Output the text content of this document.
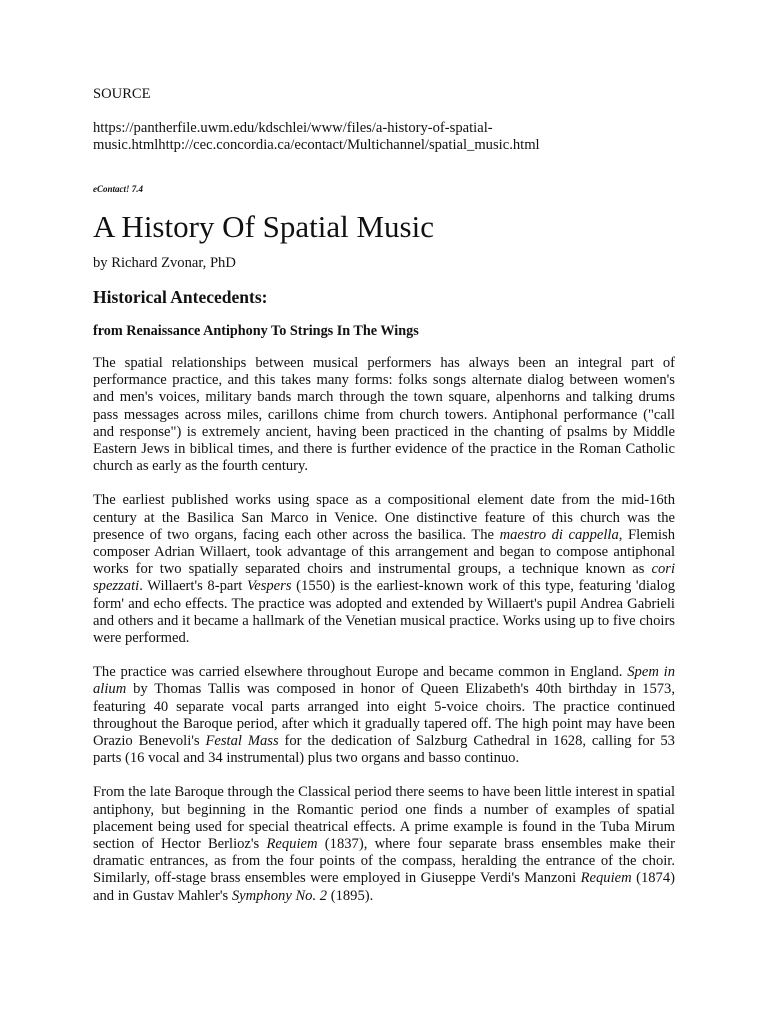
SOURCE

https://pantherfile.uwm.edu/kdschlei/www/files/a-history-of-spatial-music.htmlhttp://cec.concordia.ca/econtact/Multichannel/spatial_music.html

eContact! 7.4

A History Of Spatial Music

by Richard Zvonar, PhD

Historical Antecedents:
from Renaissance Antiphony To Strings In The Wings

The spatial relationships between musical performers has always been an integral part of performance practice, and this takes many forms: folks songs alternate dialog between women's and men's voices, military bands march through the town square, alpenhorns and talking drums pass messages across miles, carillons chime from church towers. Antiphonal performance ("call and response") is extremely ancient, having been practiced in the chanting of psalms by Middle Eastern Jews in biblical times, and there is further evidence of the practice in the Roman Catholic church as early as the fourth century.

The earliest published works using space as a compositional element date from the mid-16th century at the Basilica San Marco in Venice. One distinctive feature of this church was the presence of two organs, facing each other across the basilica. The maestro di cappella, Flemish composer Adrian Willaert, took advantage of this arrangement and began to compose antiphonal works for two spatially separated choirs and instrumental groups, a technique known as cori spezzati. Willaert's 8-part Vespers (1550) is the earliest-known work of this type, featuring 'dialog form' and echo effects. The practice was adopted and extended by Willaert's pupil Andrea Gabrieli and others and it became a hallmark of the Venetian musical practice. Works using up to five choirs were performed.

The practice was carried elsewhere throughout Europe and became common in England. Spem in alium by Thomas Tallis was composed in honor of Queen Elizabeth's 40th birthday in 1573, featuring 40 separate vocal parts arranged into eight 5-voice choirs. The practice continued throughout the Baroque period, after which it gradually tapered off. The high point may have been Orazio Benevoli's Festal Mass for the dedication of Salzburg Cathedral in 1628, calling for 53 parts (16 vocal and 34 instrumental) plus two organs and basso continuo.

From the late Baroque through the Classical period there seems to have been little interest in spatial antiphony, but beginning in the Romantic period one finds a number of examples of spatial placement being used for special theatrical effects. A prime example is found in the Tuba Mirum section of Hector Berlioz's Requiem (1837), where four separate brass ensembles make their dramatic entrances, as from the four points of the compass, heralding the entrance of the choir. Similarly, off-stage brass ensembles were employed in Giuseppe Verdi's Manzoni Requiem (1874) and in Gustav Mahler's Symphony No. 2 (1895).
